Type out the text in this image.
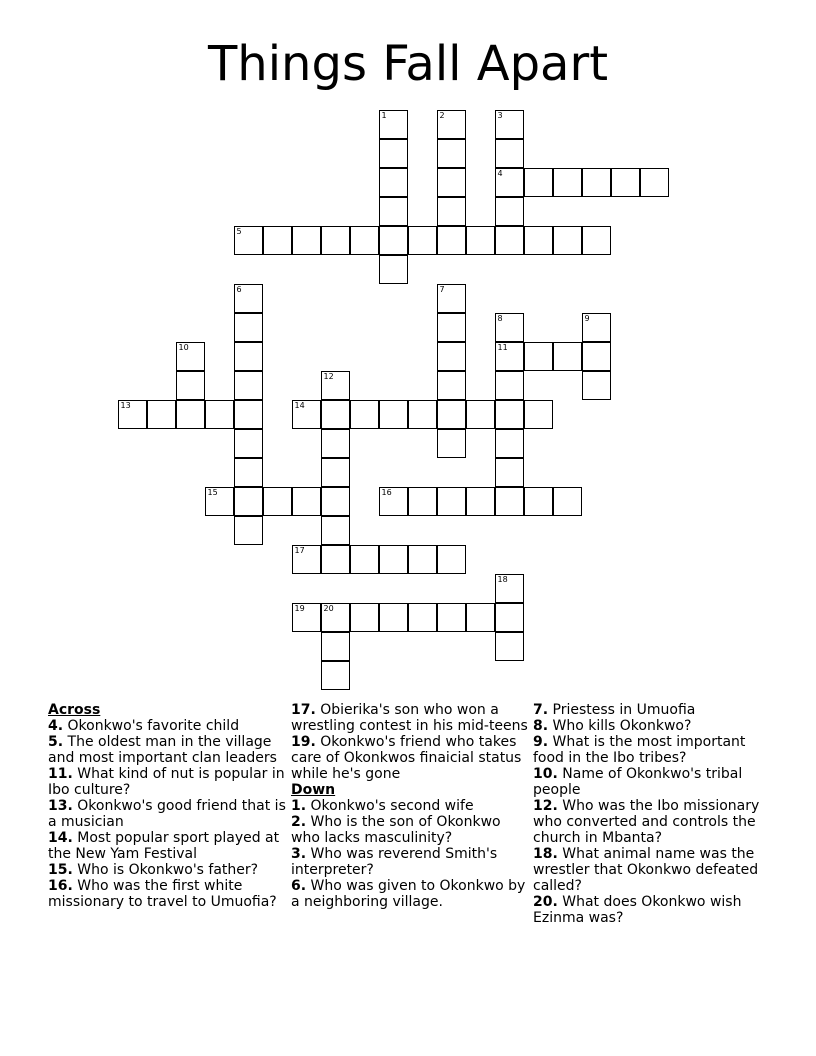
Things Fall Apart
1	2	3
4
5
6	7
8
11
9
10
12
13	14
15	16
17
18
19 20
Across
4. Okonkwo's favorite child
5. The oldest man in the village and most important clan leaders
11. What kind of nut is popular in Ibo culture?
13. Okonkwo's good friend that is a musician
14. Most popular sport played at the New Yam Festival
15. Who is Okonkwo's father?
16. Who was the first white missionary to travel to Umuofia?
17. Obierika's son who won a wrestling contest in his mid-teens
19. Okonkwo's friend who takes care of Okonkwos finaicial status while he's gone
Down
1. Okonkwo's second wife
2. Who is the son of Okonkwo who lacks masculinity?
3. Who was reverend Smith's interpreter?
6. Who was given to Okonkwo by a neighboring village.
7. Priestess in Umuofia
8. Who kills Okonkwo?
9. What is the most important food in the Ibo tribes?
10. Name of Okonkwo's tribal people
12. Who was the Ibo missionary who converted and controls the church in Mbanta?
18. What animal name was the wrestler that Okonkwo defeated called?
20. What does Okonkwo wish Ezinma was?
